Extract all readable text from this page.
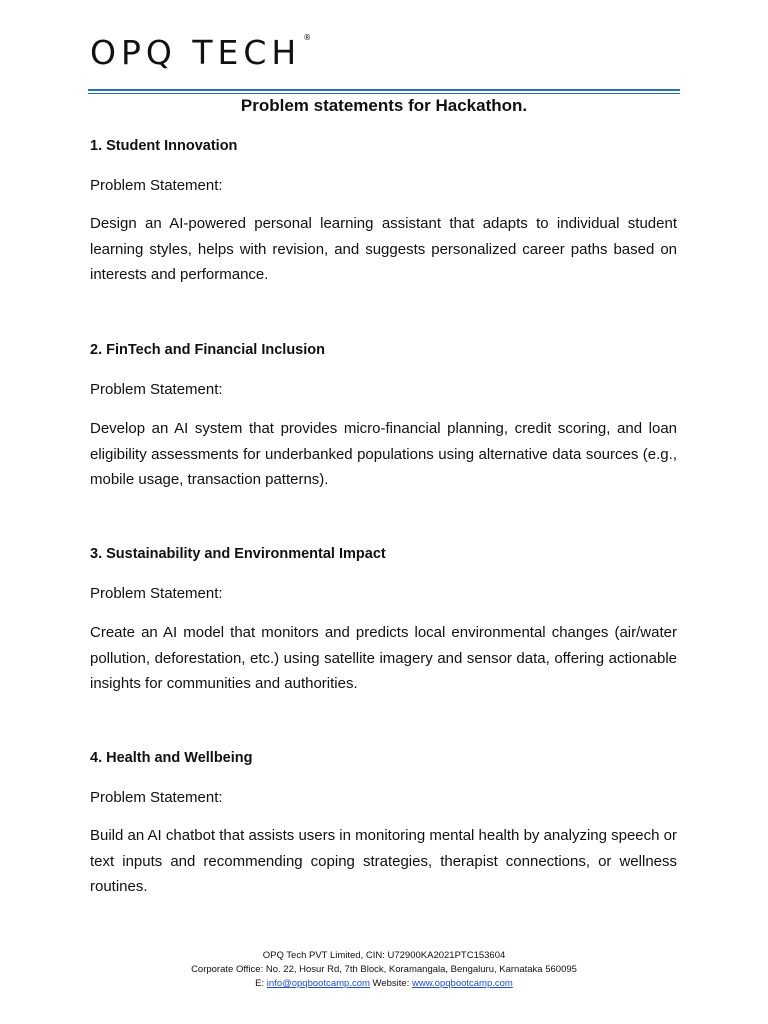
OPQ TECH ®
Problem statements for Hackathon.
1. Student Innovation
Problem Statement:
Design an AI-powered personal learning assistant that adapts to individual student learning styles, helps with revision, and suggests personalized career paths based on interests and performance.
2. FinTech and Financial Inclusion
Problem Statement:
Develop an AI system that provides micro-financial planning, credit scoring, and loan eligibility assessments for underbanked populations using alternative data sources (e.g., mobile usage, transaction patterns).
3. Sustainability and Environmental Impact
Problem Statement:
Create an AI model that monitors and predicts local environmental changes (air/water pollution, deforestation, etc.) using satellite imagery and sensor data, offering actionable insights for communities and authorities.
4. Health and Wellbeing
Problem Statement:
Build an AI chatbot that assists users in monitoring mental health by analyzing speech or text inputs and recommending coping strategies, therapist connections, or wellness routines.
OPQ Tech PVT Limited, CIN: U72900KA2021PTC153604
Corporate Office: No. 22, Hosur Rd, 7th Block, Koramangala, Bengaluru, Karnataka 560095
E: info@opqbootcamp.com Website: www.opqbootcamp.com
